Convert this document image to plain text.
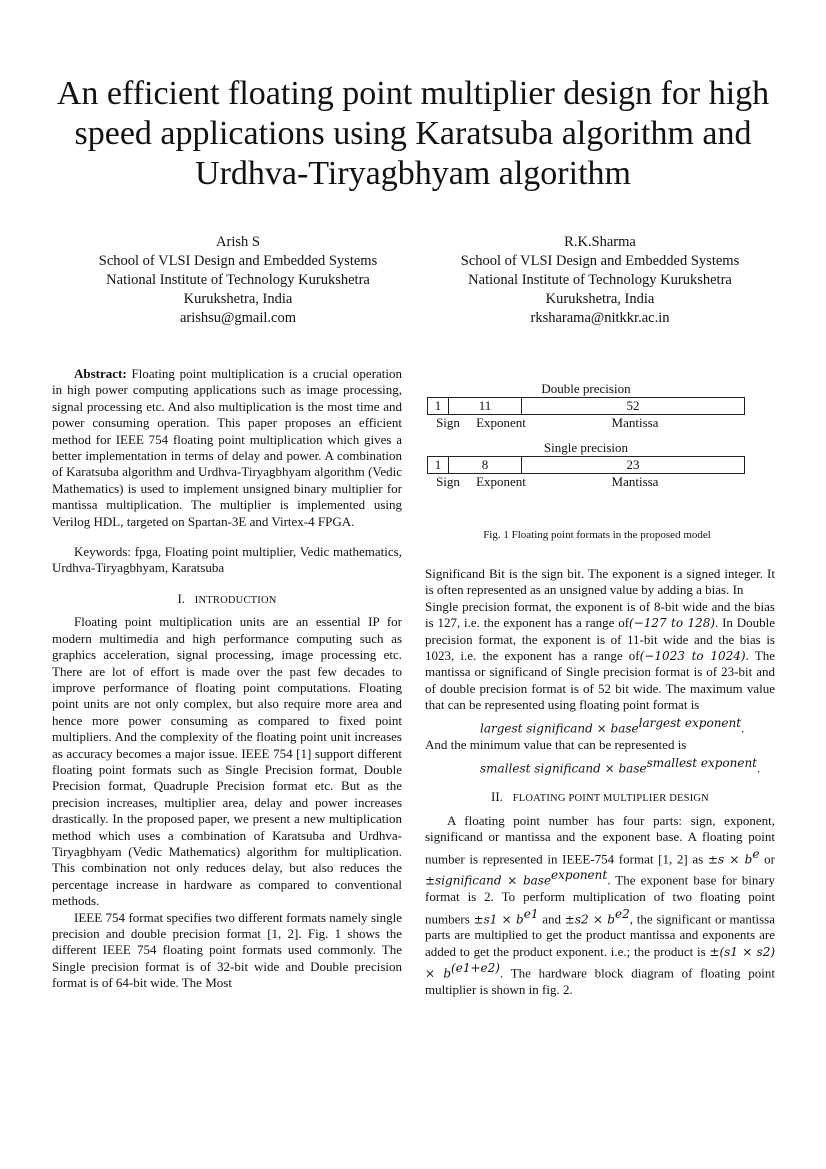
An efficient floating point multiplier design for high speed applications using Karatsuba algorithm and Urdhva-Tiryagbhyam algorithm
Arish S
School of VLSI Design and Embedded Systems
National Institute of Technology Kurukshetra
Kurukshetra, India
arishsu@gmail.com
R.K.Sharma
School of VLSI Design and Embedded Systems
National Institute of Technology Kurukshetra
Kurukshetra, India
rksharama@nitkkr.ac.in

Abstract: Floating point multiplication is a crucial operation in high power computing applications such as image processing, signal processing etc. And also multiplication is the most time and power consuming operation. This paper proposes an efficient method for IEEE 754 floating point multiplication which gives a better implementation in terms of delay and power. A combination of Karatsuba algorithm and Urdhva-Tiryagbhyam algorithm (Vedic Mathematics) is used to implement unsigned binary multiplier for mantissa multiplication. The multiplier is implemented using Verilog HDL, targeted on Spartan-3E and Virtex-4 FPGA.

Keywords: fpga, Floating point multiplier, Vedic mathematics, Urdhva-Tiryagbhyam, Karatsuba

I. INTRODUCTION

Floating point multiplication units are an essential IP for modern multimedia and high performance computing such as graphics acceleration, signal processing, image processing etc. There are lot of effort is made over the past few decades to improve performance of floating point computations. Floating point units are not only complex, but also require more area and hence more power consuming as compared to fixed point multipliers. And the complexity of the floating point unit increases as accuracy becomes a major issue. IEEE 754 [1] support different floating point formats such as Single Precision format, Double Precision format, Quadruple Precision format etc. But as the precision increases, multiplier area, delay and power increases drastically. In the proposed paper, we present a new multiplication method which uses a combination of Karatsuba and Urdhva-Tiryagbhyam (Vedic Mathematics) algorithm for multiplication. This combination not only reduces delay, but also reduces the percentage increase in hardware as compared to conventional methods.

IEEE 754 format specifies two different formats namely single precision and double precision format [1, 2]. Fig. 1 shows the different IEEE 754 floating point formats used commonly. The Single precision format is of 32-bit wide and Double precision format is of 64-bit wide. The Most

Double precision
1	11	52
Sign	Exponent	Mantissa
Single precision
1	8	23
Sign	Exponent	Mantissa
Fig. 1 Floating point formats in the proposed model

Significand Bit is the sign bit. The exponent is a signed integer. It is often represented as an unsigned value by adding a bias. In

Single precision format, the exponent is of 8-bit wide and the bias is 127, i.e. the exponent has a range of(−127 to 128). In Double precision format, the exponent is of 11-bit wide and the bias is 1023, i.e. the exponent has a range of(−1023 to 1024). The mantissa or significand of Single precision format is of 23-bit and of double precision format is of 52 bit wide. The maximum value that can be represented using floating point format is

largest significand × base$^{largest exponent}$.

And the minimum value that can be represented is

smallest significand × base$^{smallest exponent}$.

II. FLOATING POINT MULTIPLIER DESIGN

A floating point number has four parts: sign, exponent, significand or mantissa and the exponent base. A floating point number is represented in IEEE-754 format [1, 2] as $\pm s \times b^e$ or ±significand × base$^{exponent}$. The exponent base for binary format is 2. To perform multiplication of two floating point numbers $\pm s1 \times b^{e1}$ and $\pm s2 \times b^{e2}$, the significant or mantissa parts are multiplied to get the product mantissa and exponents are added to get the product exponent. i.e.; the product is $\pm(s1 \times s2) \times b^{(e1+e2)}$. The hardware block diagram of floating point multiplier is shown in fig. 2.
